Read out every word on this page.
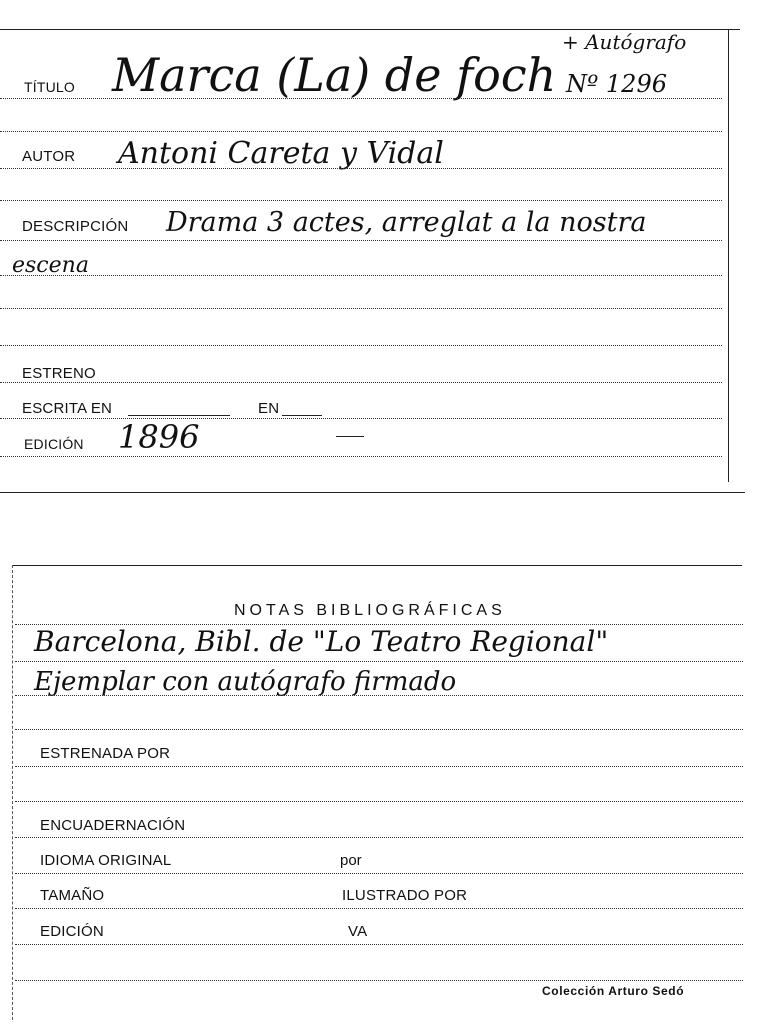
TÍTULO Marca (La) de foch
+ Autógrafo
Nº 1296
AUTOR Antoni Careta y Vidal
DESCRIPCIÓN Drama 3 actes, arreglat a la nostra
escena
ESTRENO
ESCRITA EN	EN
EDICIÓN 1896
NOTAS BIBLIOGRÁFICAS
Barcelona, Bibl. de "Lo Teatro Regional"
Ejemplar con autógrafo firmado
ESTRENADA POR
ENCUADERNACIÓN
IDIOMA ORIGINAL	por
TAMAÑO	ILUSTRADO POR
EDICIÓN	VA
Colección Arturo Sedó
